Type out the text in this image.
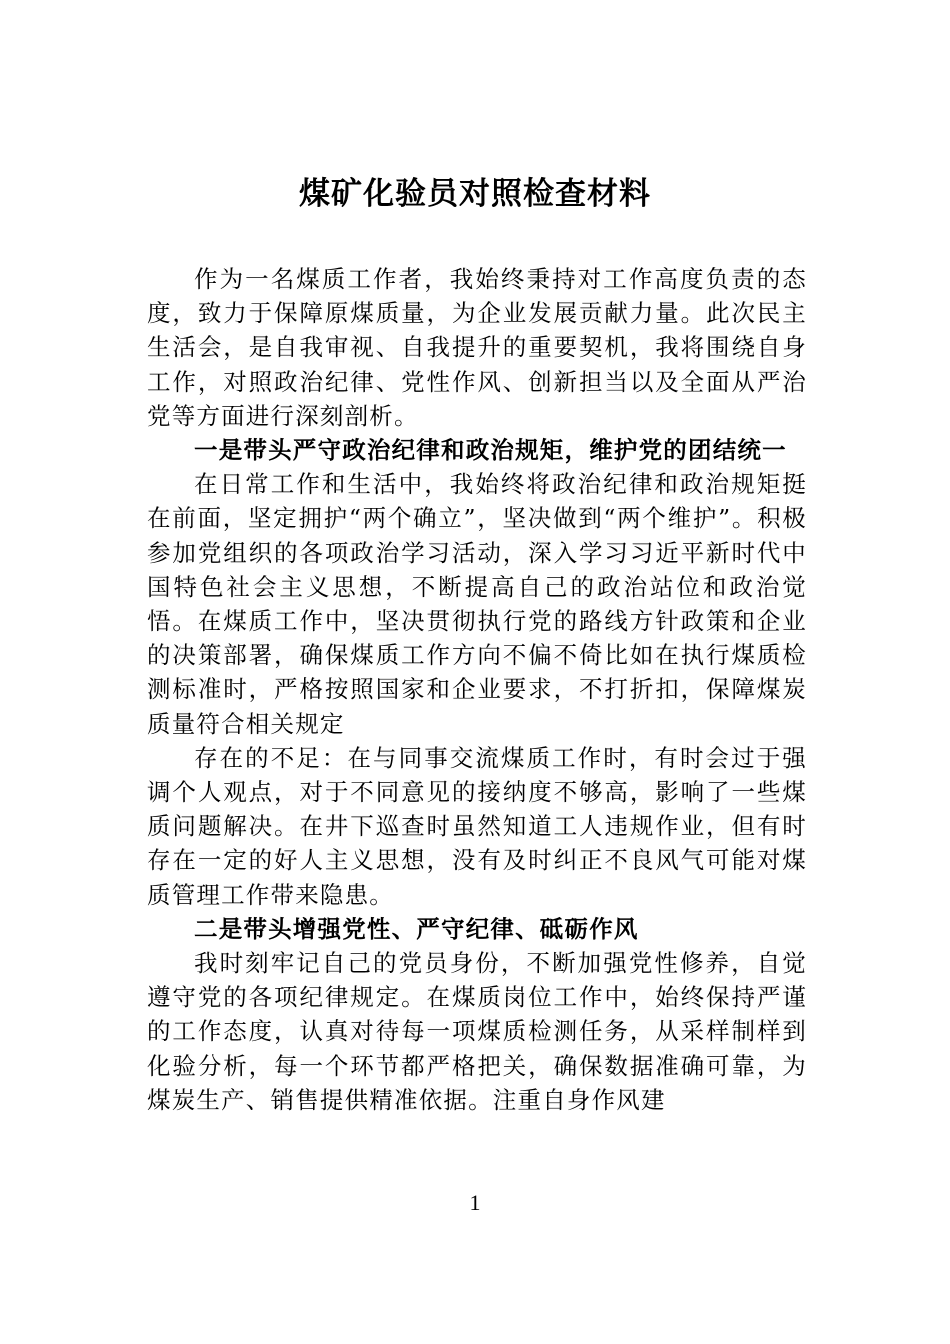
煤矿化验员对照检查材料

作为一名煤质工作者，我始终秉持对工作高度负责的态度，致力于保障原煤质量，为企业发展贡献力量。此次民主生活会，是自我审视、自我提升的重要契机，我将围绕自身工作，对照政治纪律、党性作风、创新担当以及全面从严治党等方面进行深刻剖析。

一是带头严守政治纪律和政治规矩，维护党的团结统一

在日常工作和生活中，我始终将政治纪律和政治规矩挺在前面，坚定拥护“两个确立”，坚决做到“两个维护”。积极参加党组织的各项政治学习活动，深入学习习近平新时代中国特色社会主义思想，不断提高自己的政治站位和政治觉悟。在煤质工作中，坚决贯彻执行党的路线方针政策和企业的决策部署，确保煤质工作方向不偏不倚比如在执行煤质检测标准时，严格按照国家和企业要求，不打折扣，保障煤炭质量符合相关规定

存在的不足：在与同事交流煤质工作时，有时会过于强调个人观点，对于不同意见的接纳度不够高，影响了一些煤质问题解决。在井下巡查时虽然知道工人违规作业，但有时存在一定的好人主义思想，没有及时纠正不良风气可能对煤质管理工作带来隐患。

二是带头增强党性、严守纪律、砥砺作风

我时刻牢记自己的党员身份，不断加强党性修养，自觉遵守党的各项纪律规定。在煤质岗位工作中，始终保持严谨的工作态度，认真对待每一项煤质检测任务，从采样制样到化验分析，每一个环节都严格把关，确保数据准确可靠，为煤炭生产、销售提供精准依据。注重自身作风建

1
